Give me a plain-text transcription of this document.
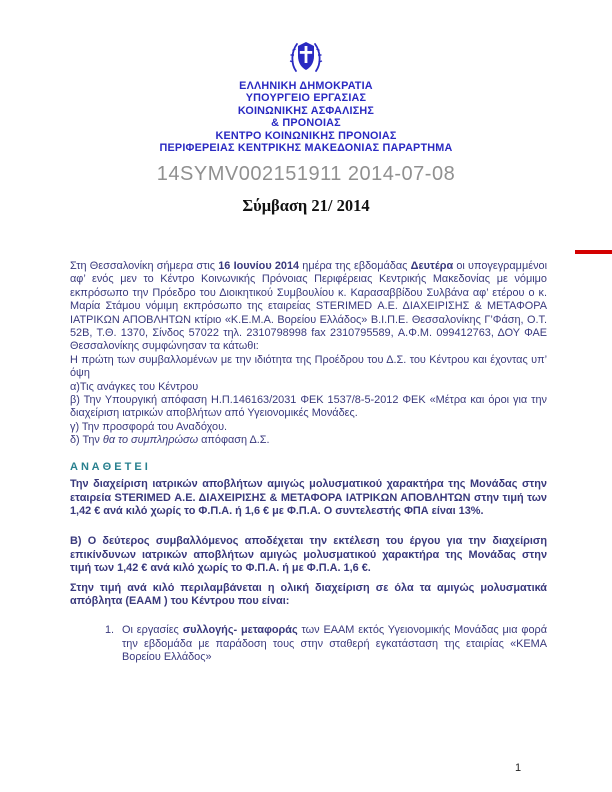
ΕΛΛΗΝΙΚΗ ΔΗΜΟΚΡΑΤΙΑ
ΥΠΟΥΡΓΕΙΟ ΕΡΓΑΣΙΑΣ
ΚΟΙΝΩΝΙΚΗΣ ΑΣΦΑΛΙΣΗΣ
& ΠΡΟΝΟΙΑΣ
ΚΕΝΤΡΟ ΚΟΙΝΩΝΙΚΗΣ ΠΡΟΝΟΙΑΣ
ΠΕΡΙΦΕΡΕΙΑΣ ΚΕΝΤΡΙΚΗΣ ΜΑΚΕΔΟΝΙΑΣ ΠΑΡΑΡΤΗΜΑ
14SYMV002151911 2014-07-08
Σύμβαση 21/ 2014

Στη Θεσσαλονίκη σήμερα στις 16 Ιουνίου 2014 ημέρα της εβδομάδας Δευτέρα οι υπογεγραμμένοι αφ’ ενός μεν το Κέντρο Κοινωνικής Πρόνοιας Περιφέρειας Κεντρικής Μακεδονίας με νόμιμο εκπρόσωπο την Πρόεδρο του Διοικητικού Συμβουλίου κ. Καρασαββίδου Συλβάνα αφ’ ετέρου ο κ. Μαρία Στάμου νόμιμη εκπρόσωπο της εταιρείας STERIMED Α.Ε. ΔΙΑΧΕΙΡΙΣΗΣ & ΜΕΤΑΦΟΡΑ ΙΑΤΡΙΚΩΝ ΑΠΟΒΛΗΤΩΝ κτίριο «Κ.Ε.Μ.Α. Βορείου Ελλάδος» Β.Ι.Π.Ε. Θεσσαλονίκης Γ’Φάση, Ο.Τ. 52Β, Τ.Θ. 1370, Σίνδος 57022 τηλ. 2310798998 fax 2310795589, Α.Φ.Μ. 099412763, ΔΟΥ ΦΑΕ Θεσσαλονίκης συμφώνησαν τα κάτωθι:

Η πρώτη των συμβαλλομένων με την ιδιότητα της Προέδρου του Δ.Σ. του Κέντρου και έχοντας υπ’ όψη

α)Τις ανάγκες του Κέντρου

β) Την Υπουργική απόφαση Η.Π.146163/2031 ΦΕΚ 1537/8-5-2012 ΦΕΚ «Μέτρα και όροι για την διαχείριση ιατρικών αποβλήτων από Υγειονομικές Μονάδες.

γ) Την προσφορά του Αναδόχου.

δ) Την θα το συμπληρώσω απόφαση Δ.Σ.

Α Ν Α Θ Ε Τ Ε Ι

Την διαχείριση ιατρικών αποβλήτων αμιγώς μολυσματικού χαρακτήρα της Μονάδας στην εταιρεία STERIMED Α.Ε. ΔΙΑΧΕΙΡΙΣΗΣ & ΜΕΤΑΦΟΡΑ ΙΑΤΡΙΚΩΝ ΑΠΟΒΛΗΤΩΝ στην τιμή των 1,42 € ανά κιλό χωρίς το Φ.Π.Α. ή 1,6 € με Φ.Π.Α. Ο συντελεστής ΦΠΑ είναι 13%.

Β) Ο δεύτερος συμβαλλόμενος αποδέχεται την εκτέλεση του έργου για την διαχείριση επικίνδυνων ιατρικών αποβλήτων αμιγώς μολυσματικού χαρακτήρα της Μονάδας στην τιμή των 1,42 € ανά κιλό χωρίς το Φ.Π.Α. ή με Φ.Π.Α. 1,6 €.

Στην τιμή ανά κιλό περιλαμβάνεται η ολική διαχείριση σε όλα τα αμιγώς μολυσματικά απόβλητα (ΕΑΑΜ ) του Κέντρου που είναι:

1. Οι εργασίες συλλογής- μεταφοράς των ΕΑΑΜ εκτός Υγειονομικής Μονάδας μια φορά την εβδομάδα με παράδοση τους στην σταθερή εγκατάσταση της εταιρίας «ΚΕΜΑ Βορείου Ελλάδος»
1
